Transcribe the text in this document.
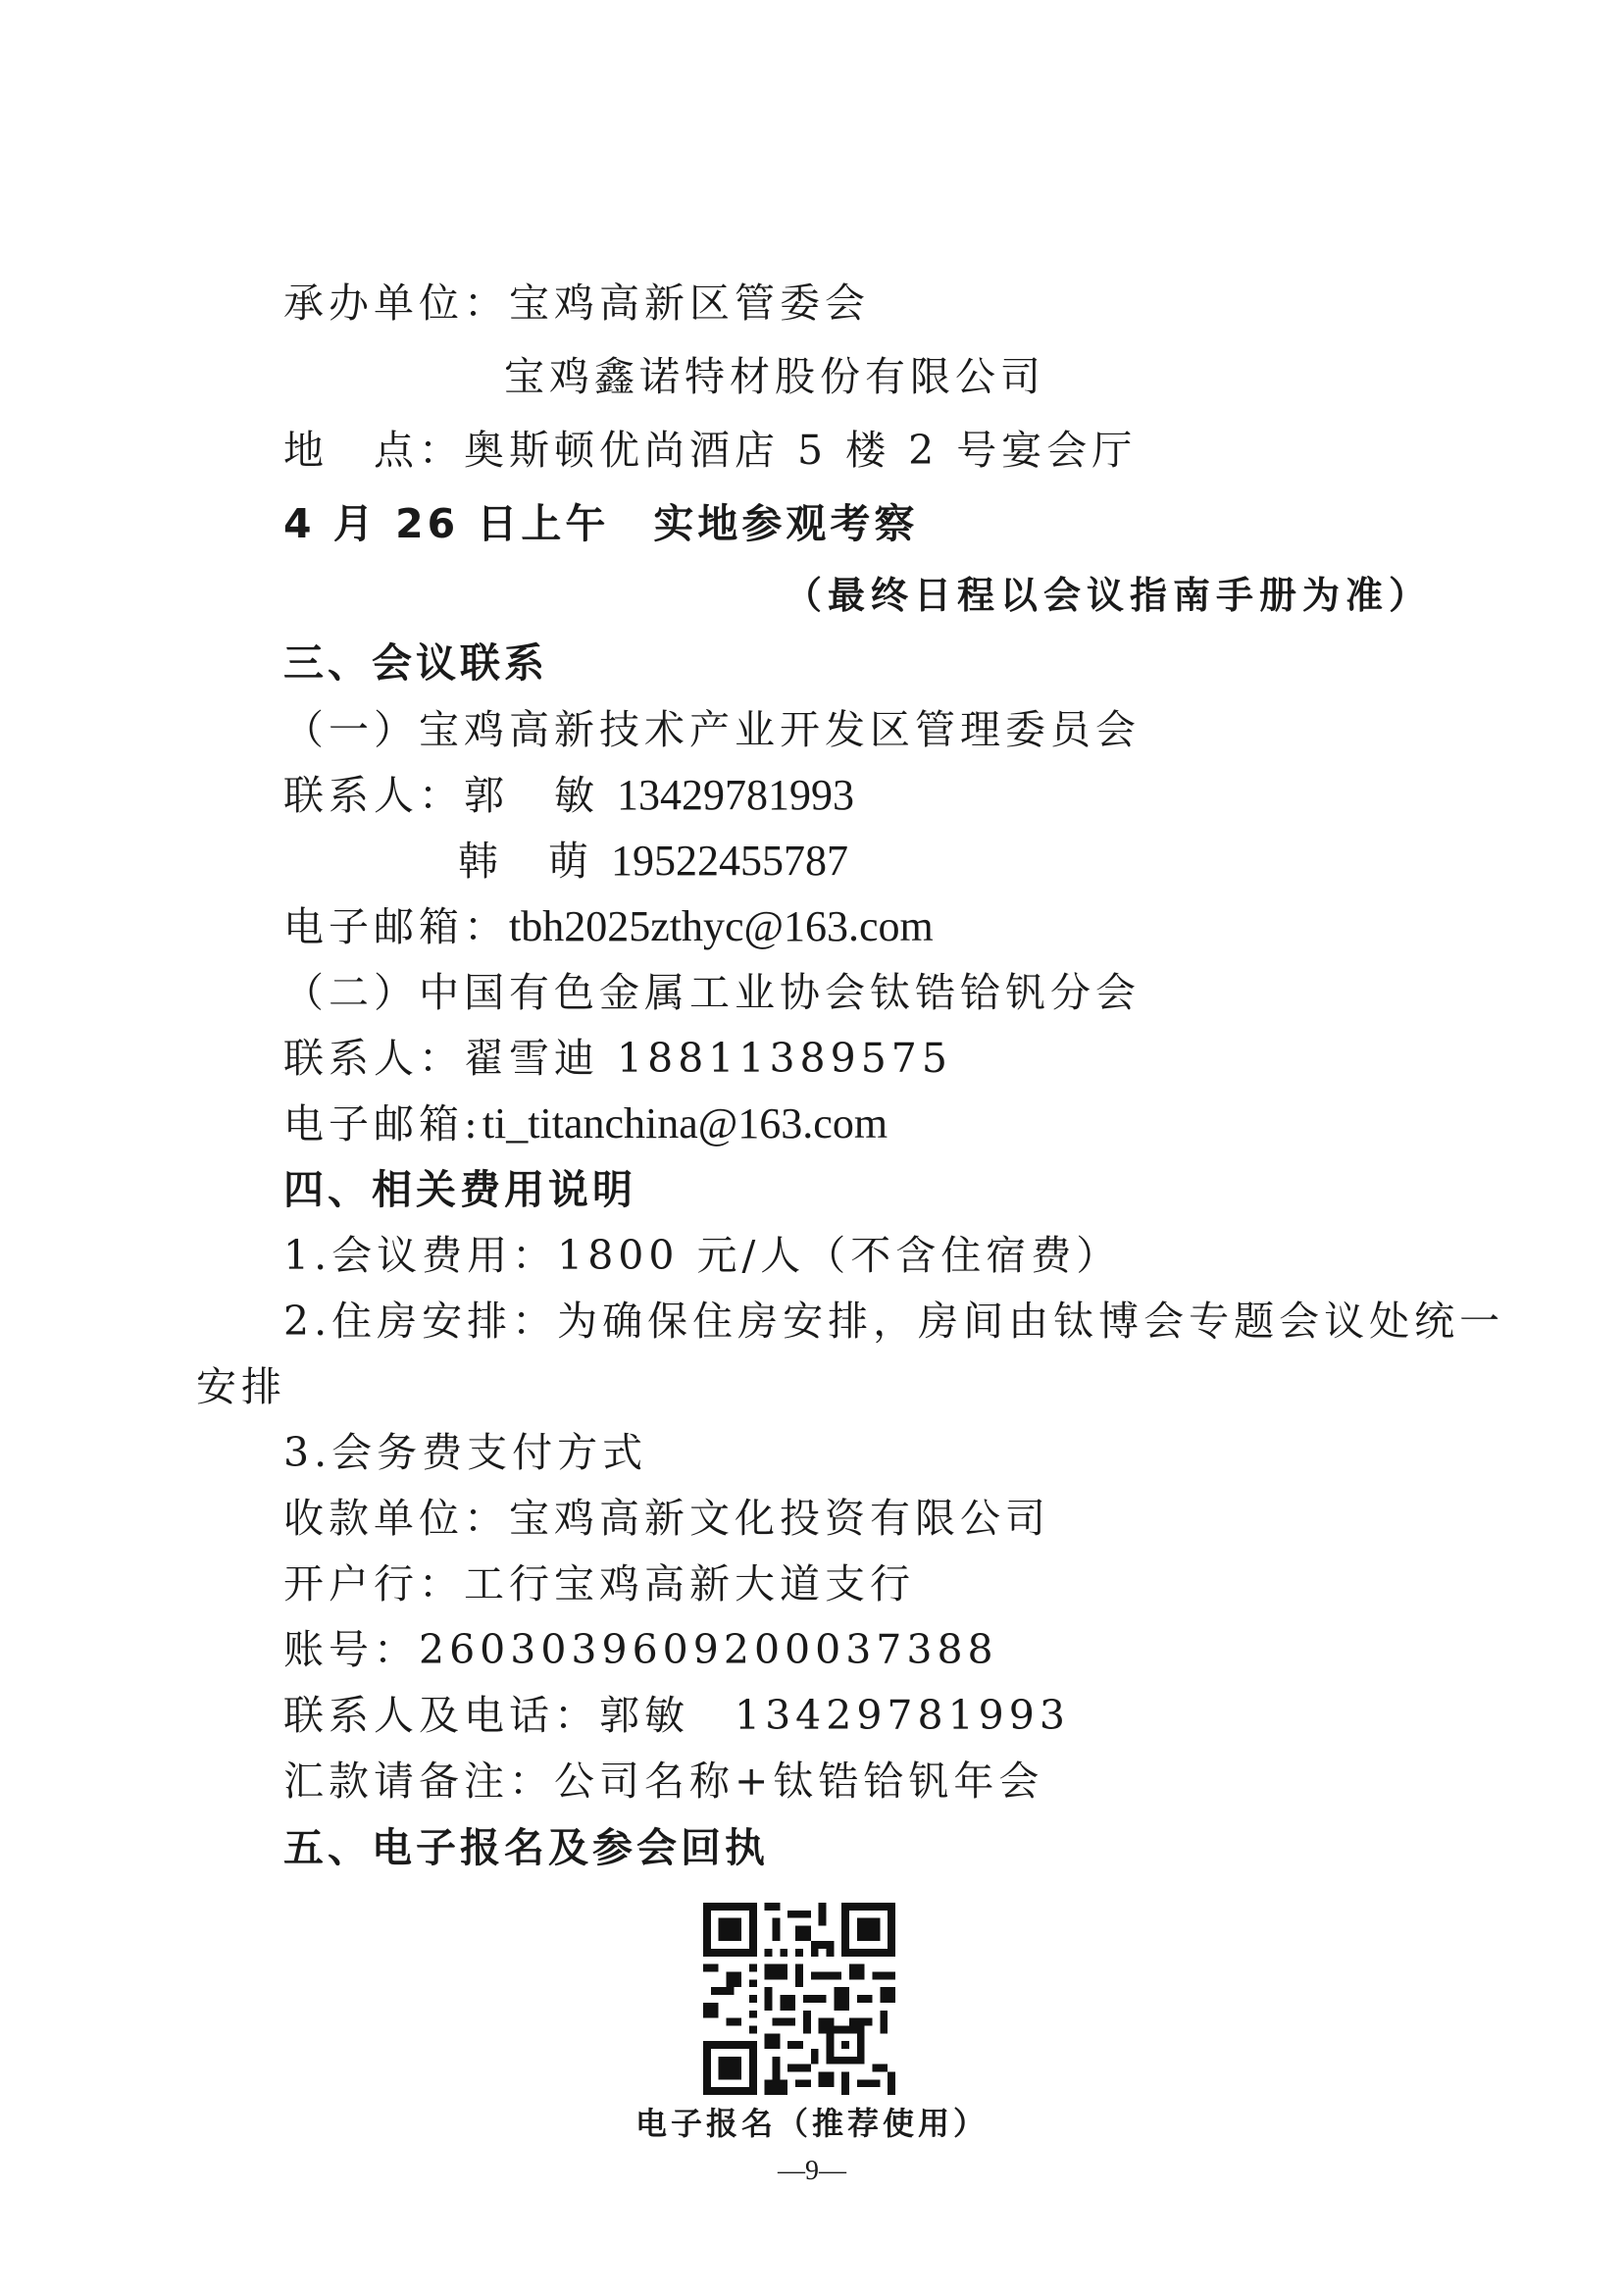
承办单位：宝鸡高新区管委会
宝鸡鑫诺特材股份有限公司
地　点：奥斯顿优尚酒店 5 楼 2 号宴会厅
4 月 26 日上午　实地参观考察
（最终日程以会议指南手册为准）
三、会议联系
（一）宝鸡高新技术产业开发区管理委员会
联系人：郭　敏 13429781993
韩　萌 19522455787
电子邮箱：tbh2025zthyc@163.com
（二）中国有色金属工业协会钛锆铪钒分会
联系人：翟雪迪 18811389575
电子邮箱:ti_titanchina@163.com
四、相关费用说明
1.会议费用：1800 元/人（不含住宿费）
2.住房安排：为确保住房安排，房间由钛博会专题会议处统一
安排
3.会务费支付方式
收款单位：宝鸡高新文化投资有限公司
开户行：工行宝鸡高新大道支行
账号：2603039609200037388
联系人及电话：郭敏　13429781993
汇款请备注：公司名称+钛锆铪钒年会
五、电子报名及参会回执
电子报名（推荐使用）
—9—
